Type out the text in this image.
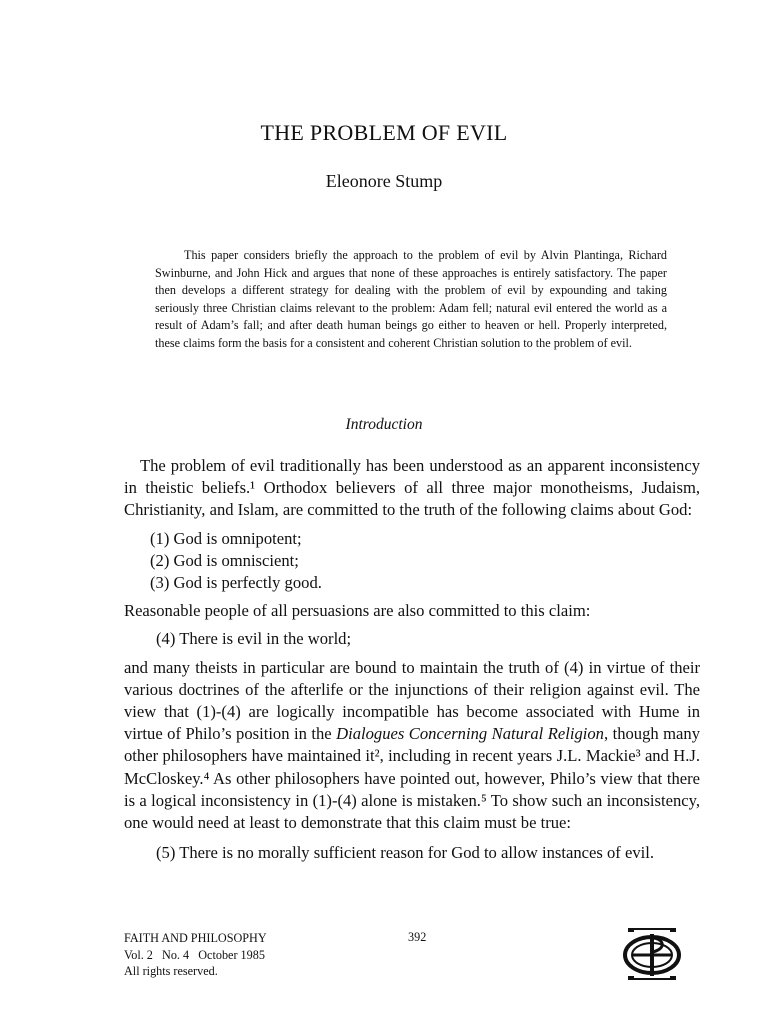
THE PROBLEM OF EVIL
Eleonore Stump

This paper considers briefly the approach to the problem of evil by Alvin Plantinga, Richard Swinburne, and John Hick and argues that none of these approaches is entirely satisfactory. The paper then develops a different strategy for dealing with the problem of evil by expounding and taking seriously three Christian claims relevant to the problem: Adam fell; natural evil entered the world as a result of Adam’s fall; and after death human beings go either to heaven or hell. Properly interpreted, these claims form the basis for a consistent and coherent Christian solution to the problem of evil.

Introduction

The problem of evil traditionally has been understood as an apparent inconsistency in theistic beliefs.¹ Orthodox believers of all three major monotheisms, Judaism, Christianity, and Islam, are committed to the truth of the following claims about God:

(1) God is omnipotent;
(2) God is omniscient;
(3) God is perfectly good.

Reasonable people of all persuasions are also committed to this claim:

(4) There is evil in the world;

and many theists in particular are bound to maintain the truth of (4) in virtue of their various doctrines of the afterlife or the injunctions of their religion against evil. The view that (1)-(4) are logically incompatible has become associated with Hume in virtue of Philo’s position in the Dialogues Concerning Natural Religion, though many other philosophers have maintained it², including in recent years J.L. Mackie³ and H.J. McCloskey.⁴ As other philosophers have pointed out, however, Philo’s view that there is a logical inconsistency in (1)-(4) alone is mistaken.⁵ To show such an inconsistency, one would need at least to demonstrate that this claim must be true:

(5) There is no morally sufficient reason for God to allow instances of evil.
FAITH AND PHILOSOPHY
Vol. 2   No. 4   October 1985
All rights reserved.
392
